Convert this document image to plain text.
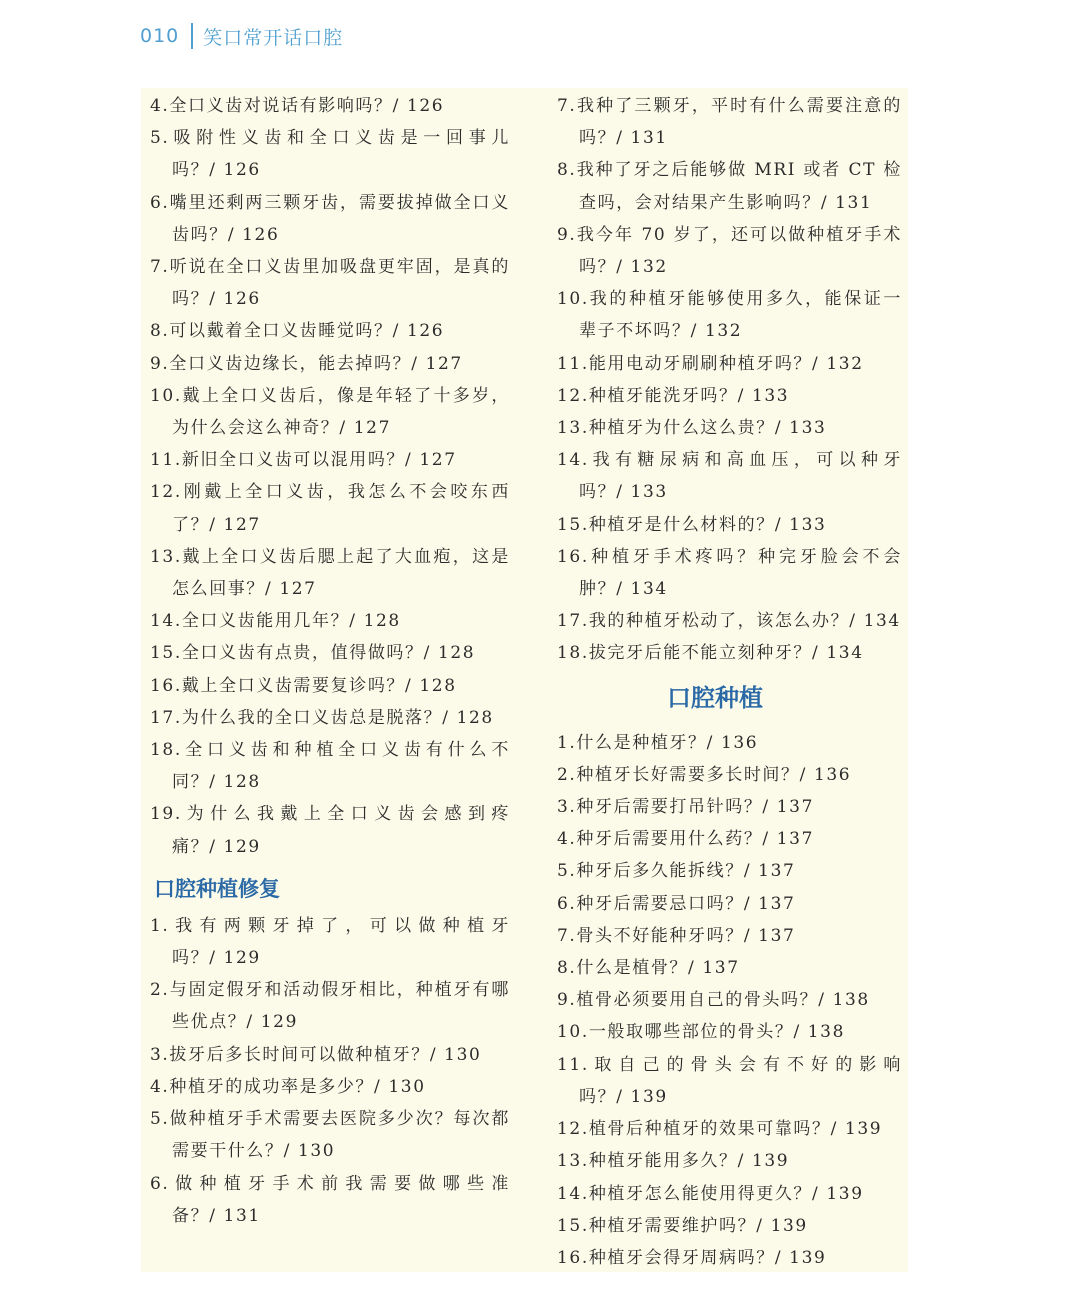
010 笑口常开话口腔
4.全口义齿对说话有影响吗？/ 126
5.吸附性义齿和全口义齿是一回事儿吗？/ 126
6.嘴里还剩两三颗牙齿，需要拔掉做全口义齿吗？/ 126
7.听说在全口义齿里加吸盘更牢固，是真的吗？/ 126
8.可以戴着全口义齿睡觉吗？/ 126
9.全口义齿边缘长，能去掉吗？/ 127
10.戴上全口义齿后，像是年轻了十多岁，为什么会这么神奇？/ 127
11.新旧全口义齿可以混用吗？/ 127
12.刚戴上全口义齿，我怎么不会咬东西了？/ 127
13.戴上全口义齿后腮上起了大血疱，这是怎么回事？/ 127
14.全口义齿能用几年？/ 128
15.全口义齿有点贵，值得做吗？/ 128
16.戴上全口义齿需要复诊吗？/ 128
17.为什么我的全口义齿总是脱落？/ 128
18.全口义齿和种植全口义齿有什么不同？/ 128
19.为什么我戴上全口义齿会感到疼痛？/ 129
口腔种植修复
1.我有两颗牙掉了，可以做种植牙吗？/ 129
2.与固定假牙和活动假牙相比，种植牙有哪些优点？/ 129
3.拔牙后多长时间可以做种植牙？/ 130
4.种植牙的成功率是多少？/ 130
5.做种植牙手术需要去医院多少次？每次都需要干什么？/ 130
6.做种植牙手术前我需要做哪些准备？/ 131
7.我种了三颗牙，平时有什么需要注意的吗？/ 131
8.我种了牙之后能够做 MRI 或者 CT 检查吗，会对结果产生影响吗？/ 131
9.我今年 70 岁了，还可以做种植牙手术吗？/ 132
10.我的种植牙能够使用多久，能保证一辈子不坏吗？/ 132
11.能用电动牙刷刷种植牙吗？/ 132
12.种植牙能洗牙吗？/ 133
13.种植牙为什么这么贵？/ 133
14.我有糖尿病和高血压，可以种牙吗？/ 133
15.种植牙是什么材料的？/ 133
16.种植牙手术疼吗？种完牙脸会不会肿？/ 134
17.我的种植牙松动了，该怎么办？/ 134
18.拔完牙后能不能立刻种牙？/ 134
口腔种植
1.什么是种植牙？/ 136
2.种植牙长好需要多长时间？/ 136
3.种牙后需要打吊针吗？/ 137
4.种牙后需要用什么药？/ 137
5.种牙后多久能拆线？/ 137
6.种牙后需要忌口吗？/ 137
7.骨头不好能种牙吗？/ 137
8.什么是植骨？/ 137
9.植骨必须要用自己的骨头吗？/ 138
10.一般取哪些部位的骨头？/ 138
11.取自己的骨头会有不好的影响吗？/ 139
12.植骨后种植牙的效果可靠吗？/ 139
13.种植牙能用多久？/ 139
14.种植牙怎么能使用得更久？/ 139
15.种植牙需要维护吗？/ 139
16.种植牙会得牙周病吗？/ 139
